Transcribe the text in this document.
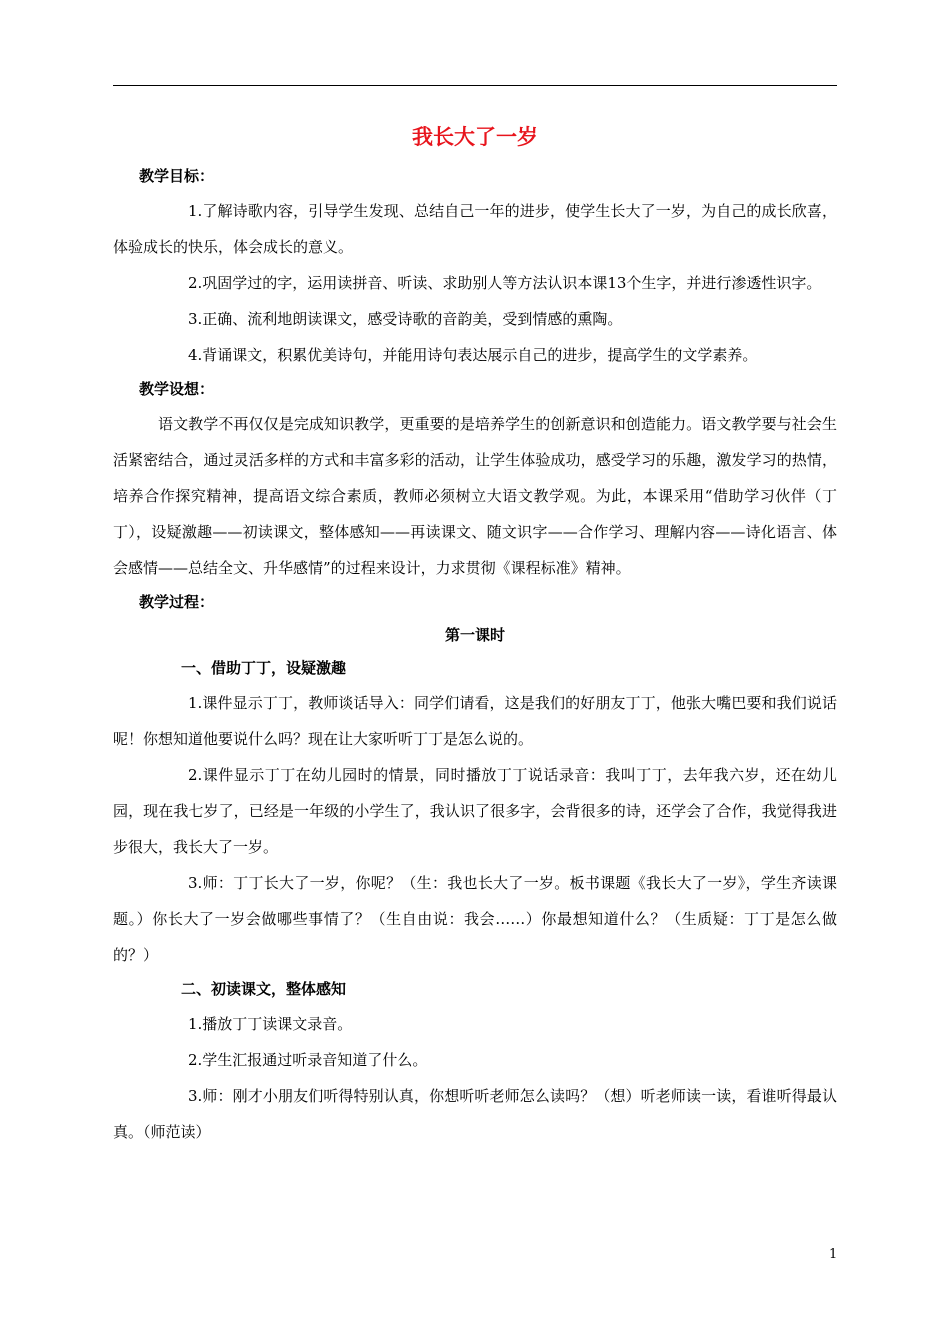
我长大了一岁

教学目标：

1.了解诗歌内容，引导学生发现、总结自己一年的进步，使学生长大了一岁，为自己的成长欣喜，体验成长的快乐，体会成长的意义。

2.巩固学过的字，运用读拼音、听读、求助别人等方法认识本课13个生字，并进行渗透性识字。

3.正确、流利地朗读课文，感受诗歌的音韵美，受到情感的熏陶。

4.背诵课文，积累优美诗句，并能用诗句表达展示自己的进步，提高学生的文学素养。

教学设想：

语文教学不再仅仅是完成知识教学，更重要的是培养学生的创新意识和创造能力。语文教学要与社会生活紧密结合，通过灵活多样的方式和丰富多彩的活动，让学生体验成功，感受学习的乐趣，激发学习的热情，培养合作探究精神，提高语文综合素质，教师必须树立大语文教学观。为此，本课采用“借助学习伙伴（丁丁），设疑激趣——初读课文，整体感知——再读课文、随文识字——合作学习、理解内容——诗化语言、体会感情——总结全文、升华感情”的过程来设计，力求贯彻《课程标准》精神。

教学过程：

第一课时

一、借助丁丁，设疑激趣

1.课件显示丁丁，教师谈话导入：同学们请看，这是我们的好朋友丁丁，他张大嘴巴要和我们说话呢！你想知道他要说什么吗？现在让大家听听丁丁是怎么说的。

2.课件显示丁丁在幼儿园时的情景，同时播放丁丁说话录音：我叫丁丁，去年我六岁，还在幼儿园，现在我七岁了，已经是一年级的小学生了，我认识了很多字，会背很多的诗，还学会了合作，我觉得我进步很大，我长大了一岁。

3.师：丁丁长大了一岁，你呢？（生：我也长大了一岁。板书课题《我长大了一岁》，学生齐读课题。）你长大了一岁会做哪些事情了？（生自由说：我会……）你最想知道什么？（生质疑：丁丁是怎么做的？）

二、初读课文，整体感知

1.播放丁丁读课文录音。

2.学生汇报通过听录音知道了什么。

3.师：刚才小朋友们听得特别认真，你想听听老师怎么读吗？（想）听老师读一读，看谁听得最认真。（师范读）

1
